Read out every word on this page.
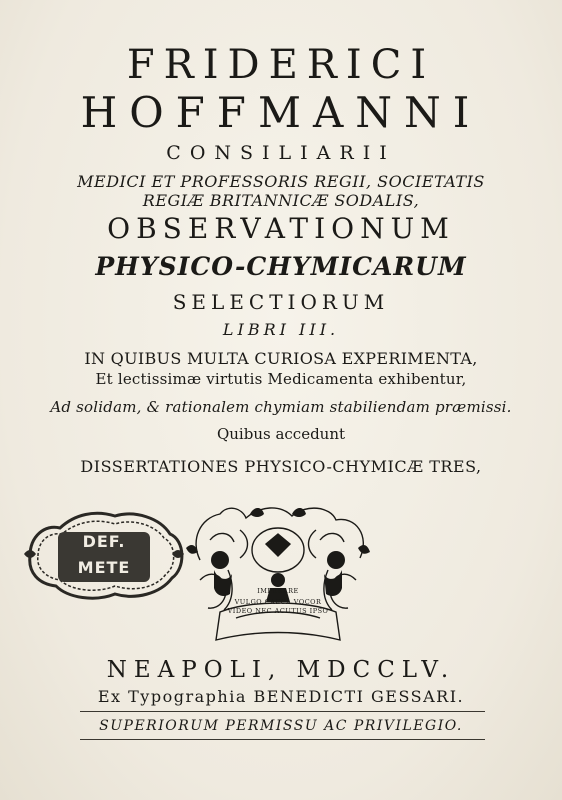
FRIDERICI
HOFFMANNI
CONSILIARII
MEDICI ET PROFESSORIS REGII, SOCIETATIS
REGIÆ BRITANNICÆ SODALIS,
OBSERVATIONUM
PHYSICO-CHYMICARUM
SELECTIORUM
LIBRI III.
IN QUIBUS MULTA CURIOSA EXPERIMENTA,
Et lectissimæ virtutis Medicamenta exhibentur,
Ad solidam, & rationalem chymiam stabiliendam præmissi.
Quibus accedunt
DISSERTATIONES PHYSICO-CHYMICÆ TRES,
DEF.
METE
IMPERARE
VULGO CAECA VOCOR
VIDEO NEC ACUTUS IPSO
NEAPOLI, MDCCLV.
Ex Typographia BENEDICTI GESSARI.
SUPERIORUM PERMISSU AC PRIVILEGIO.
